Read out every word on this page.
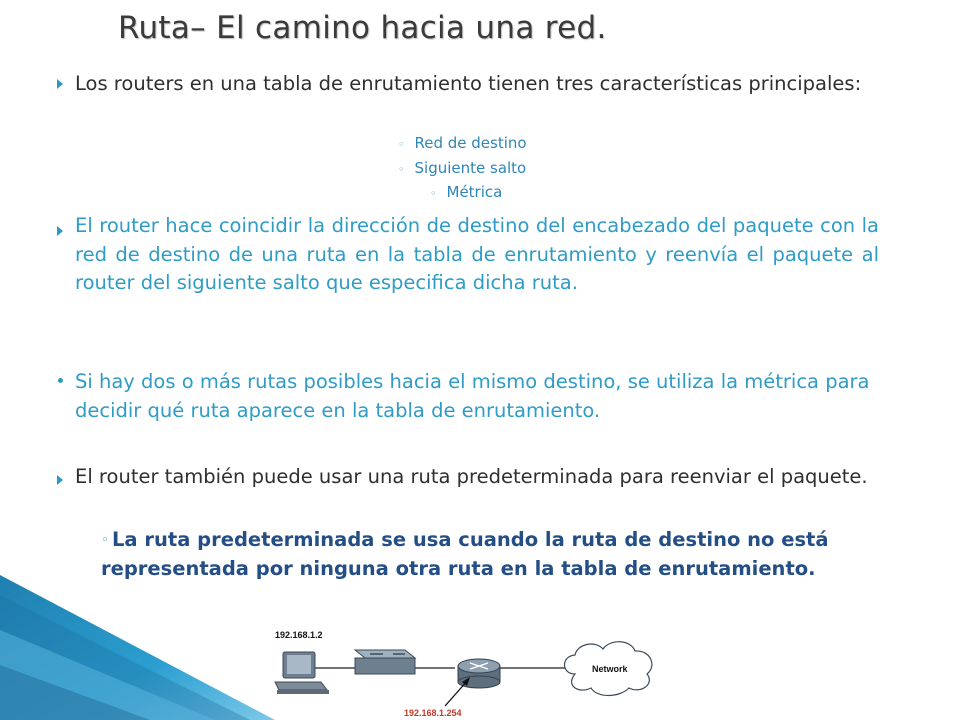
Ruta– El camino hacia una red.
Los routers en una tabla de enrutamiento tienen tres características principales:
◦ Red de destino
◦ Siguiente salto
◦ Métrica
El router hace coincidir la dirección de destino del encabezado del paquete con la red de destino de una ruta en la tabla de enrutamiento y reenvía el paquete al router del siguiente salto que especifica dicha ruta.
Si hay dos o más rutas posibles hacia el mismo destino, se utiliza la métrica para decidir qué ruta aparece en la tabla de enrutamiento.
El router también puede usar una ruta predeterminada para reenviar el paquete.
◦ La ruta predeterminada se usa cuando la ruta de destino no está representada por ninguna otra ruta en la tabla de enrutamiento.
192.168.1.2
Network
192.168.1.254
